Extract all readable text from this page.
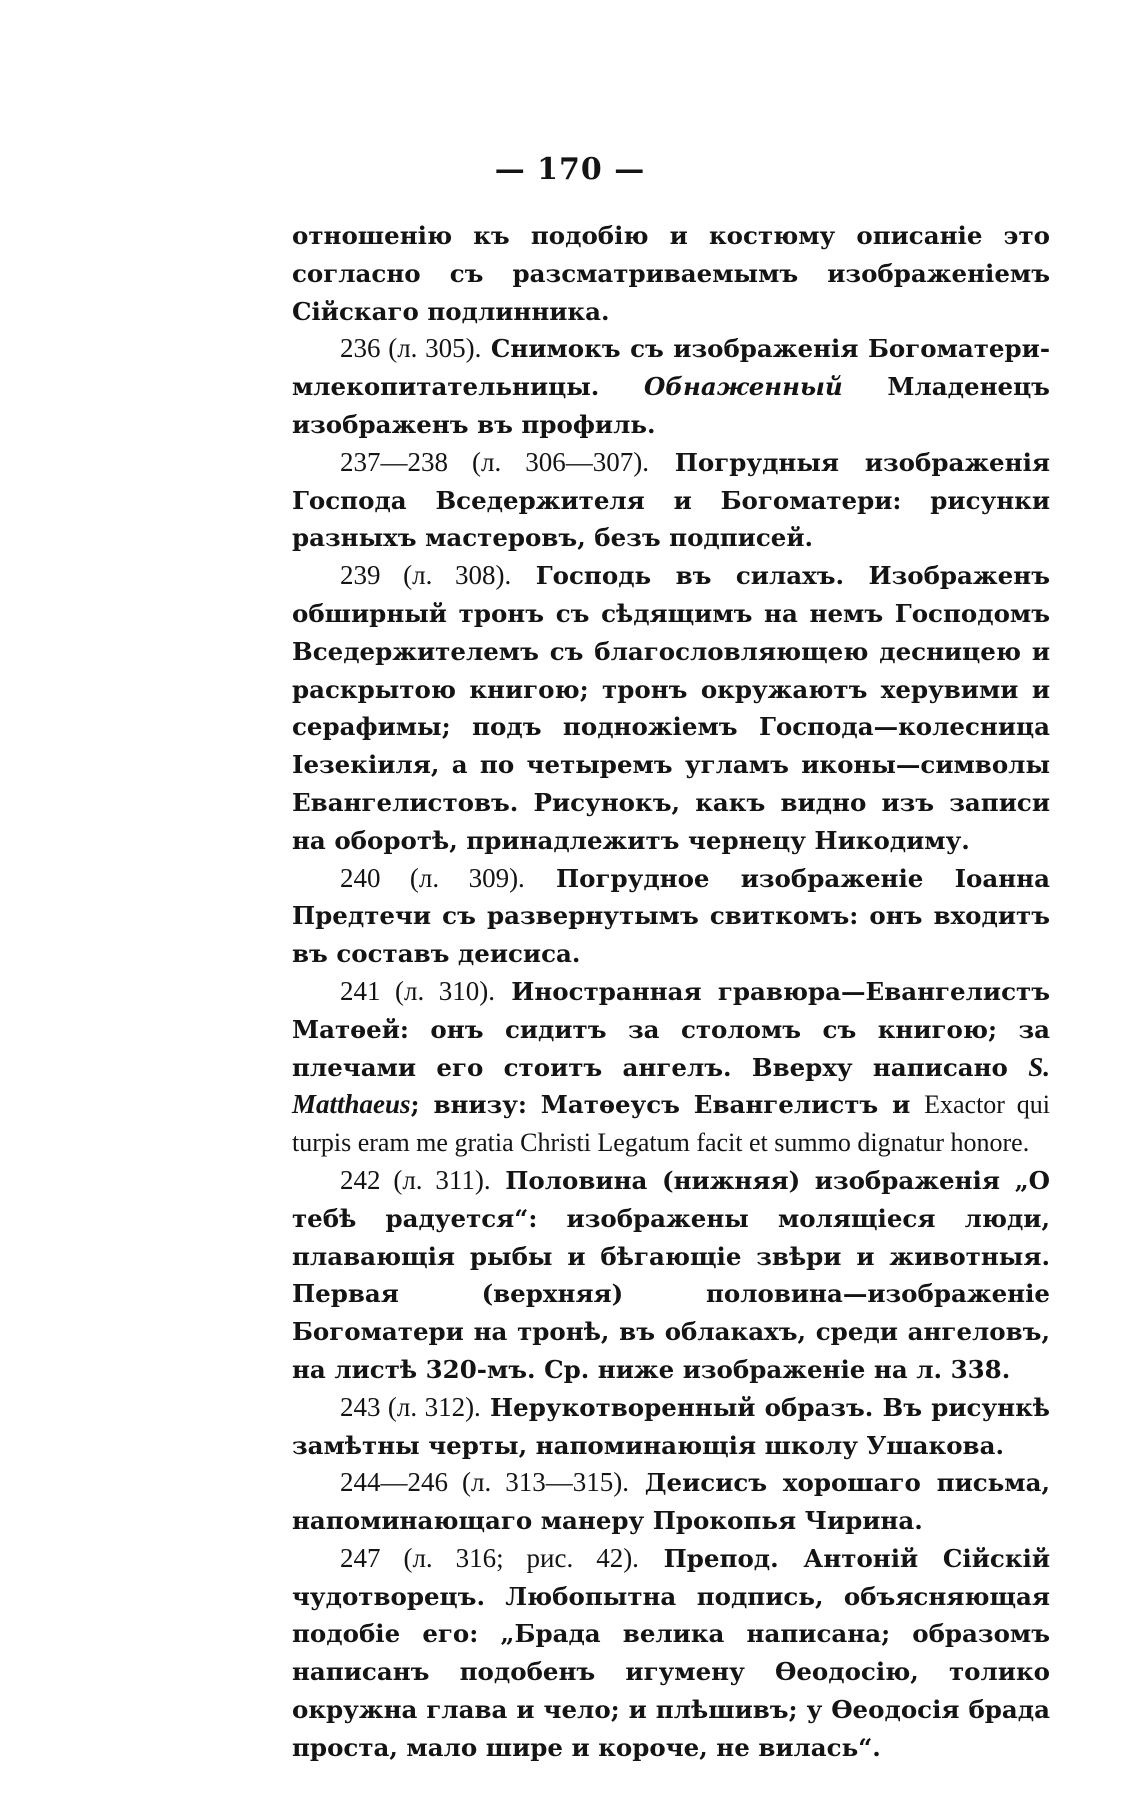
— 170 —

отношенію къ подобію и костюму описаніе это согласно съ разсматриваемымъ изображеніемъ Сійскаго подлинника.

236 (л. 305). Снимокъ съ изображенія Богоматери-млекопитательницы. Обнаженный Младенецъ изображенъ въ профиль.

237—238 (л. 306—307). Погрудныя изображенія Господа Вседержителя и Богоматери: рисунки разныхъ мастеровъ, безъ подписей.

239 (л. 308). Господь въ силахъ. Изображенъ обширный тронъ съ сѣдящимъ на немъ Господомъ Вседержителемъ съ благословляющею десницею и раскрытою книгою; тронъ окружаютъ херувими и серафимы; подъ подножіемъ Господа—колесница Іезекіиля, а по четыремъ угламъ иконы—символы Евангелистовъ. Рисунокъ, какъ видно изъ записи на оборотѣ, принадлежитъ чернецу Никодиму.

240 (л. 309). Погрудное изображеніе Іоанна Предтечи съ развернутымъ свиткомъ: онъ входитъ въ составъ деисиса.

241 (л. 310). Иностранная гравюра—Евангелистъ Матѳей: онъ сидитъ за столомъ съ книгою; за плечами его стоитъ ангелъ. Вверху написано S. Matthaeus; внизу: Матѳеусъ Евангелистъ и Exactor qui turpis eram me gratia Christi Legatum facit et summo dignatur honore.

242 (л. 311). Половина (нижняя) изображенія „О тебѣ радуется“: изображены молящіеся люди, плавающія рыбы и бѣгающіе звѣри и животныя. Первая (верхняя) половина—изображеніе Богоматери на тронѣ, въ облакахъ, среди ангеловъ, на листѣ 320-мъ. Ср. ниже изображеніе на л. 338.

243 (л. 312). Нерукотворенный образъ. Въ рисункѣ замѣтны черты, напоминающія школу Ушакова.

244—246 (л. 313—315). Деисисъ хорошаго письма, напоминающаго манеру Прокопья Чирина.

247 (л. 316; рис. 42). Препод. Антоній Сійскій чудотворецъ. Любопытна подпись, объясняющая подобіе его: „Брада велика написана; образомъ написанъ подобенъ игумену Ѳеодосію, толико окружна глава и чело; и плѣшивъ; у Ѳеодосія брада проста, мало шире и короче, не вилась“.
